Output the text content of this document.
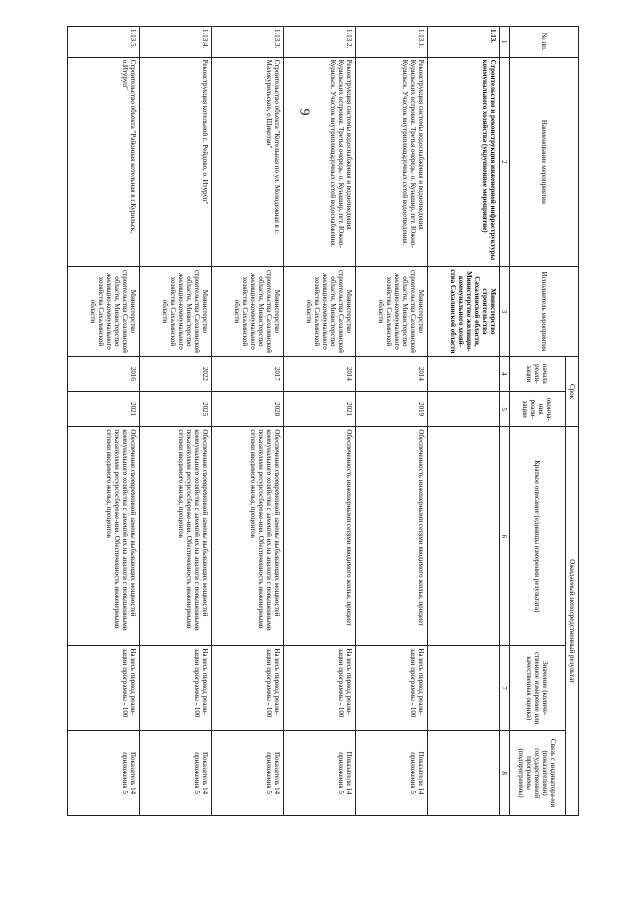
9
№ пп.	Наименование мероприятия	Исполнитель мероприятия	Срок		Ожидаемый непосредственный результат		
			начала реали-зации	оконча-ния реали-зации	Краткое описание (единицы измерения результата)	Значение (количе-ственное измерение или качественная оценка)	Связь с индикатора-ми (показателями) государственной программы (подпрограммы)

1	2	3	4	5	6	7	8
1.13.	Строительство и реконструкция инженерной инфраструктуры коммунального хозяйства (укрупненное мероприятие)	Министерство строительства Сахалинской области, Министерство жилищно-коммунального хозяй-ства Сахалинской области					
1.13.1.	Реконструкция системы водоснабжения и водоотведения Курильских островов. Третья очередь. о. Кунашир, пгт. Южно-Курильск. Участок внутриплощадочных сетей водоотведения.	Министерство строительства Сахалинской области, Министерство жилищно-коммунального хозяйства Сахалинской области	2014	2019	Обеспеченность инженерными сетями вводимого жилья, процент	На весь период реали-зации программы - 100	Показатели 14 приложения 5
1.13.2.	Реконструкция системы водоснабжения и водоотведения Курильских островов. Третья очередь. о. Кунашир, пгт. Южно-Курильск. Участок внутриплощадочных сетей водоснабжения.	Министерство строительства Сахалинской области, Министерство жилищно-коммунального хозяйства Сахалинской области	2014	2021	Обеспеченность инженерными сетями вводимого жилья, процент	На весь период реали-зации программы - 100	Показатели 14 приложения 5
1.13.3.	Строительство объекта "Котельная по ул. Молодежная в с. Малокурильское, о.Шикотан"	Министерство строительства Сахалинской области, Министерство жилищно-коммунального хозяйства Сахалинской области	2017	2020	Обеспечение своевременной замены выбывающих мощностей коммунального хозяйства с заменой их на аналоги с повышенными показателями ресурсосбереже-ния. Обеспеченность инженерными сетями вводимого жилья, процентов	На весь период реали-зации программы - 100	Показатель 14 приложения 5
1.13.4.	Реконструкция котельной с. Рейдово, о. Итуруп"	Министерство строительства Сахалинской области, Министерство жилищно-коммунального хозяйства Сахалинской области	2022	2025	Обеспечение своевременной замены выбывающих мощностей коммунального хозяйства с заменой их на аналоги с повышенными показателями ресурсосбереже-ния. Обеспеченность инженерными сетями вводимого жилья, процентов	На весь период реали-зации программы - 100	Показатель 14 приложения 5
1.13.5.	Строительство объекта "Районная котельная в г.Курильск, о.Итуруп"	Министерство строительства Сахалинской области, Министерство жилищно-коммунального хозяйства Сахалинской области	2016	2021	Обеспечение своевременной замены выбывающих мощностей коммунального хозяйства с заменой их на аналоги с повышенными показателями ресурсосбереже-ния. Обеспеченность инженерными сетями вводимого жилья, процентов	На весь период реали-зации программы - 100	Показатель 14 приложения 5
